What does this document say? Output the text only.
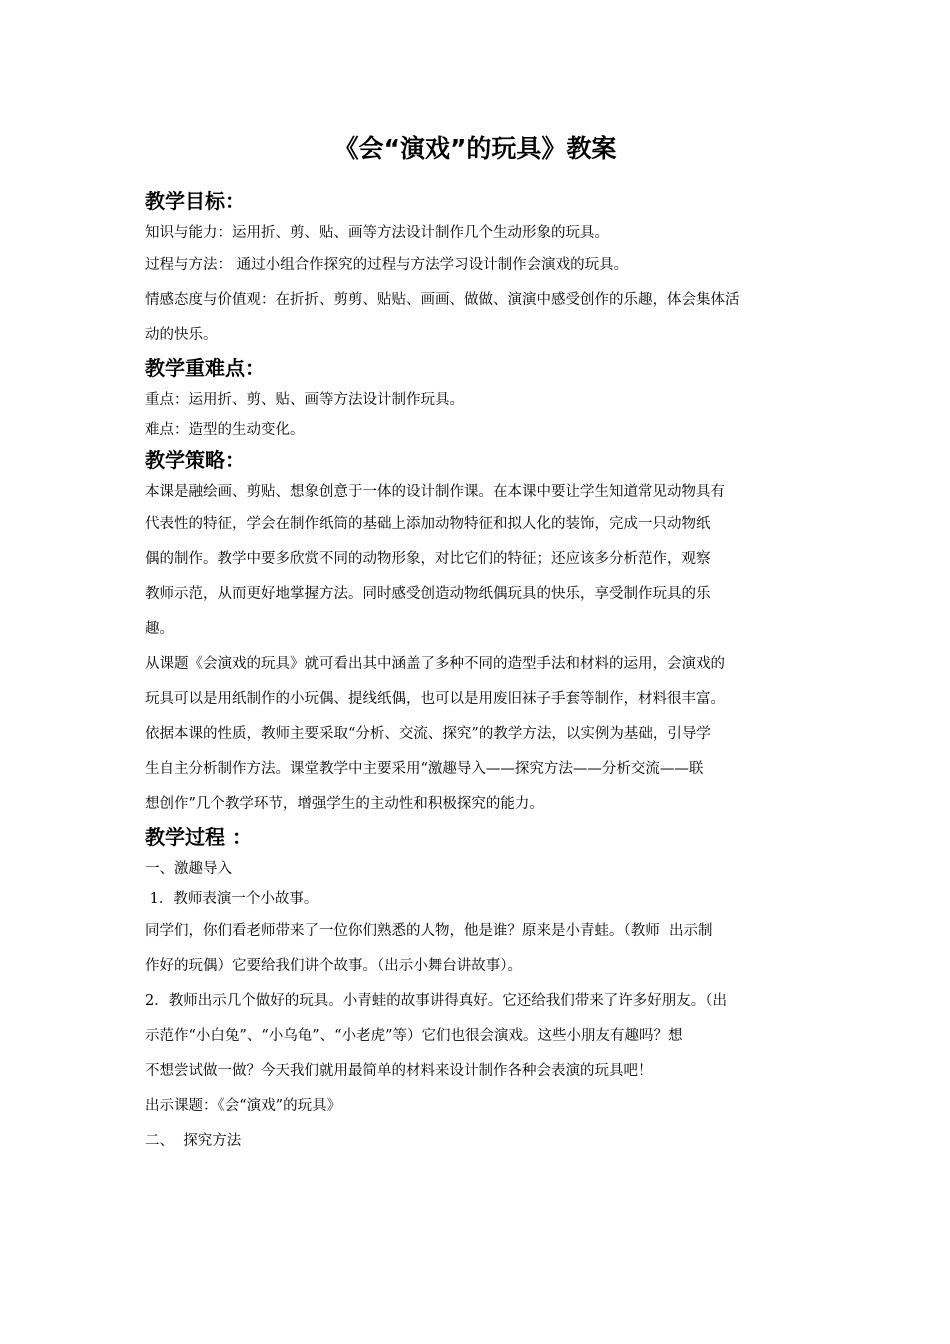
《会“演戏”的玩具》教案
教学目标：
知识与能力：运用折、剪、贴、画等方法设计制作几个生动形象的玩具。
过程与方法： 通过小组合作探究的过程与方法学习设计制作会演戏的玩具。
情感态度与价值观：在折折、剪剪、贴贴、画画、做做、演演中感受创作的乐趣，体会集体活
动的快乐。
教学重难点：
重点：运用折、剪、贴、画等方法设计制作玩具。
难点：造型的生动变化。
教学策略：
本课是融绘画、剪贴、想象创意于一体的设计制作课。在本课中要让学生知道常见动物具有
代表性的特征，学会在制作纸筒的基础上添加动物特征和拟人化的装饰，完成一只动物纸
偶的制作。教学中要多欣赏不同的动物形象，对比它们的特征；还应该多分析范作，观察
教师示范，从而更好地掌握方法。同时感受创造动物纸偶玩具的快乐，享受制作玩具的乐
趣。
从课题《会演戏的玩具》就可看出其中涵盖了多种不同的造型手法和材料的运用，会演戏的
玩具可以是用纸制作的小玩偶、提线纸偶，也可以是用废旧袜子手套等制作，材料很丰富。
依据本课的性质，教师主要采取“分析、交流、探究”的教学方法，以实例为基础，引导学
生自主分析制作方法。课堂教学中主要采用“激趣导入——探究方法——分析交流——联
想创作”几个教学环节，增强学生的主动性和积极探究的能力。
教学过程 ：
一、激趣导入
1．教师表演一个小故事。
同学们，你们看老师带来了一位你们熟悉的人物，他是谁？原来是小青蛙。（教师  出示制
作好的玩偶）它要给我们讲个故事。（出示小舞台讲故事）。
2．教师出示几个做好的玩具。小青蛙的故事讲得真好。它还给我们带来了许多好朋友。（出
示范作“小白兔”、“小乌龟”、“小老虎”等）它们也很会演戏。这些小朋友有趣吗？想
不想尝试做一做？今天我们就用最简单的材料来设计制作各种会表演的玩具吧！
出示课题：《会“演戏”的玩具》
二、  探究方法
